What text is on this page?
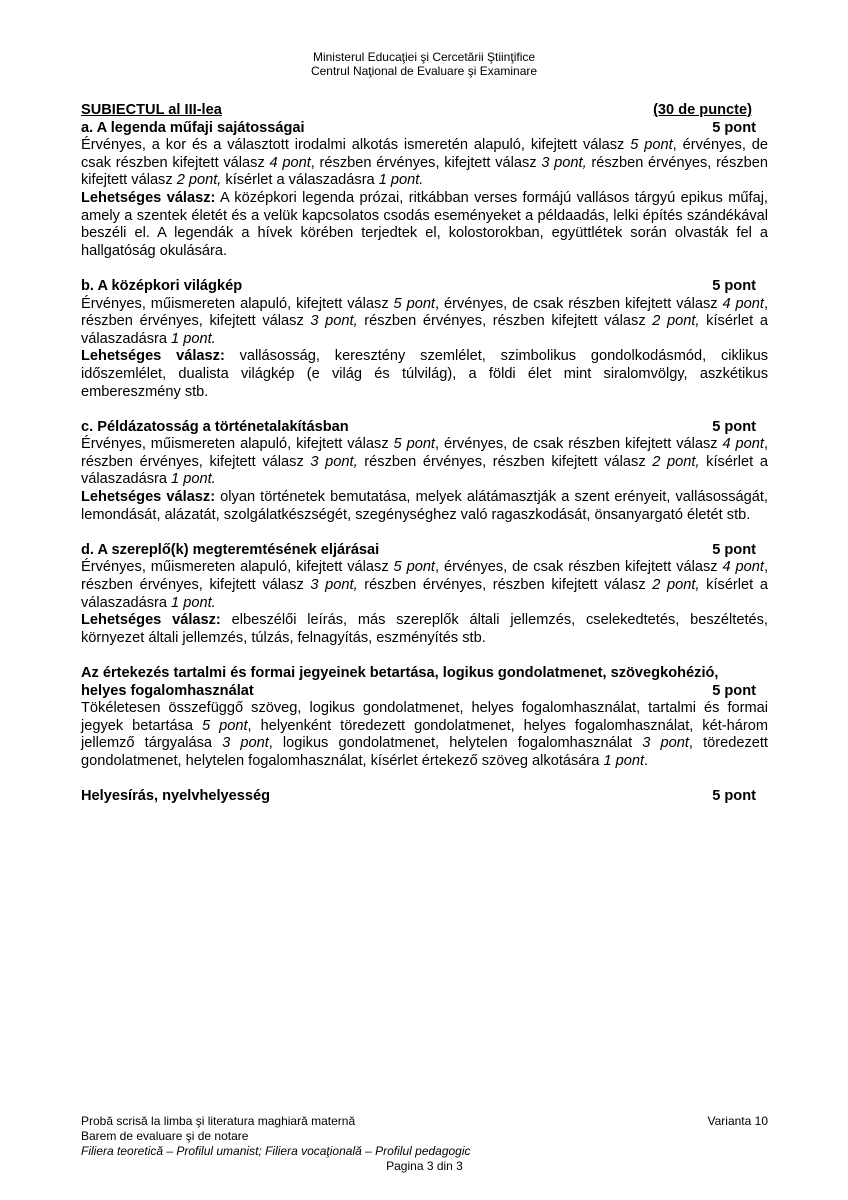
Ministerul Educaţiei şi Cercetării Ştiinţifice
Centrul Naţional de Evaluare şi Examinare
SUBIECTUL al III-lea	(30 de puncte)
a. A legenda műfaji sajátosságai	5 pont

Érvényes, a kor és a választott irodalmi alkotás ismeretén alapuló, kifejtett válasz 5 pont, érvényes, de csak részben kifejtett válasz 4 pont, részben érvényes, kifejtett válasz 3 pont, részben érvényes, részben kifejtett válasz 2 pont, kísérlet a válaszadásra 1 pont.

Lehetséges válasz: A középkori legenda prózai, ritkábban verses formájú vallásos tárgyú epikus műfaj, amely a szentek életét és a velük kapcsolatos csodás eseményeket a példaadás, lelki építés szándékával beszéli el. A legendák a hívek körében terjedtek el, kolostorokban, együttlétek során olvasták fel a hallgatóság okulására.

b. A középkori világkép	5 pont

Érvényes, műismereten alapuló, kifejtett válasz 5 pont, érvényes, de csak részben kifejtett válasz 4 pont, részben érvényes, kifejtett válasz 3 pont, részben érvényes, részben kifejtett válasz 2 pont, kísérlet a válaszadásra 1 pont.

Lehetséges válasz: vallásosság, keresztény szemlélet, szimbolikus gondolkodásmód, ciklikus időszemlélet, dualista világkép (e világ és túlvilág), a földi élet mint siralomvölgy, aszkétikus embereszmény stb.

c. Példázatosság a történetalakításban	5 pont

Érvényes, műismereten alapuló, kifejtett válasz 5 pont, érvényes, de csak részben kifejtett válasz 4 pont, részben érvényes, kifejtett válasz 3 pont, részben érvényes, részben kifejtett válasz 2 pont, kísérlet a válaszadásra 1 pont.

Lehetséges válasz: olyan történetek bemutatása, melyek alátámasztják a szent erényeit, vallásosságát, lemondását, alázatát, szolgálatkészségét, szegénységhez való ragaszkodását, önsanyargató életét stb.

d. A szereplő(k) megteremtésének eljárásai	5 pont

Érvényes, műismereten alapuló, kifejtett válasz 5 pont, érvényes, de csak részben kifejtett válasz 4 pont, részben érvényes, kifejtett válasz 3 pont, részben érvényes, részben kifejtett válasz 2 pont, kísérlet a válaszadásra 1 pont.

Lehetséges válasz: elbeszélői leírás, más szereplők általi jellemzés, cselekedtetés, beszéltetés, környezet általi jellemzés, túlzás, felnagyítás, eszményítés stb.

Az értekezés tartalmi és formai jegyeinek betartása, logikus gondolatmenet, szövegkohézió,
helyes fogalomhasználat	5 pont

Tökéletesen összefüggő szöveg, logikus gondolatmenet, helyes fogalomhasználat, tartalmi és formai jegyek betartása 5 pont, helyenként töredezett gondolatmenet, helyes fogalomhasználat, két-három jellemző tárgyalása 3 pont, logikus gondolatmenet, helytelen fogalomhasználat 3 pont, töredezett gondolatmenet, helytelen fogalomhasználat, kísérlet értekező szöveg alkotására 1 pont.

Helyesírás, nyelvhelyesség	5 pont
Probă scrisă la limba şi literatura maghiară maternă	Varianta 10
Barem de evaluare şi de notare
Filiera teoretică – Profilul umanist; Filiera vocaţională – Profilul pedagogic
Pagina 3 din 3
